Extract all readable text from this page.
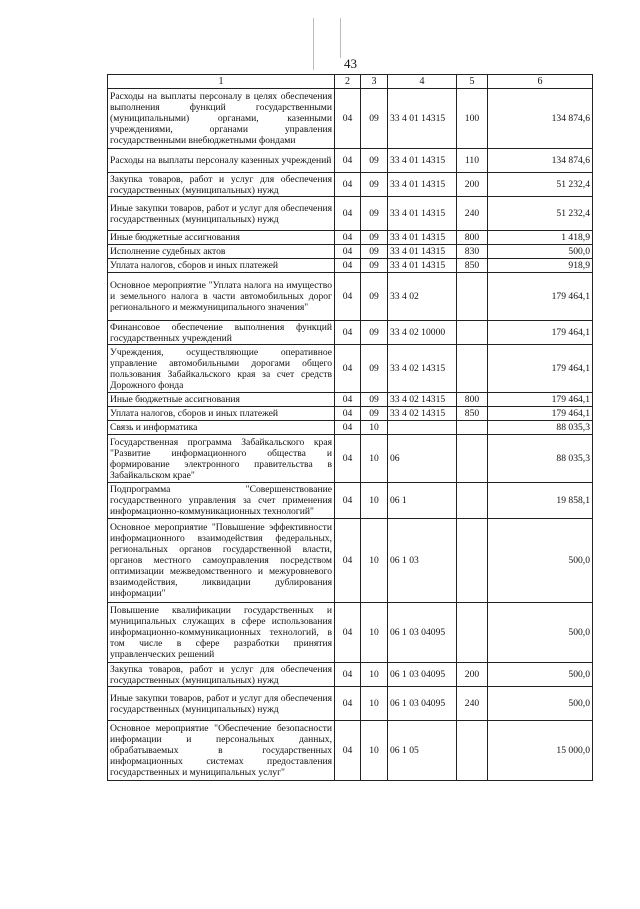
43
1	2	3	4	5	6
Расходы на выплаты персоналу в целях обеспечения выполнения функций государственными (муниципальными) органами, казенными учреждениями, органами управления государственными внебюджетными фондами	04	09	33 4 01 14315	100	134 874,6
Расходы на выплаты персоналу казенных учреждений	04	09	33 4 01 14315	110	134 874,6
Закупка товаров, работ и услуг для обеспечения государственных (муниципальных) нужд	04	09	33 4 01 14315	200	51 232,4
Иные закупки товаров, работ и услуг для обеспечения государственных (муниципальных) нужд	04	09	33 4 01 14315	240	51 232,4
Иные бюджетные ассигнования	04	09	33 4 01 14315	800	1 418,9
Исполнение судебных актов	04	09	33 4 01 14315	830	500,0
Уплата налогов, сборов и иных платежей	04	09	33 4 01 14315	850	918,9
Основное мероприятие "Уплата налога на имущество и земельного налога в части автомобильных дорог регионального и межмуниципального значения"	04	09	33 4 02		179 464,1
Финансовое обеспечение выполнения функций государственных учреждений	04	09	33 4 02 10000		179 464,1
Учреждения, осуществляющие оперативное управление автомобильными дорогами общего пользования Забайкальского края за счет средств Дорожного фонда	04	09	33 4 02 14315		179 464,1
Иные бюджетные ассигнования	04	09	33 4 02 14315	800	179 464,1
Уплата налогов, сборов и иных платежей	04	09	33 4 02 14315	850	179 464,1
Связь и информатика	04	10			88 035,3
Государственная программа Забайкальского края "Развитие информационного общества и формирование электронного правительства в Забайкальском крае"	04	10	06		88 035,3
Подпрограмма "Совершенствование государственного управления за счет применения информационно-коммуникационных технологий"	04	10	06 1		19 858,1
Основное мероприятие "Повышение эффективности информационного взаимодействия федеральных, региональных органов государственной власти, органов местного самоуправления посредством оптимизации межведомственного и межуровневого взаимодействия, ликвидации дублирования информации"	04	10	06 1 03		500,0
Повышение квалификации государственных и муниципальных служащих в сфере использования информационно-коммуникационных технологий, в том числе в сфере разработки принятия управленческих решений	04	10	06 1 03 04095		500,0
Закупка товаров, работ и услуг для обеспечения государственных (муниципальных) нужд	04	10	06 1 03 04095	200	500,0
Иные закупки товаров, работ и услуг для обеспечения государственных (муниципальных) нужд	04	10	06 1 03 04095	240	500,0
Основное мероприятие "Обеспечение безопасности информации и персональных данных, обрабатываемых в государственных информационных системах предоставления государственных и муниципальных услуг"	04	10	06 1 05		15 000,0
